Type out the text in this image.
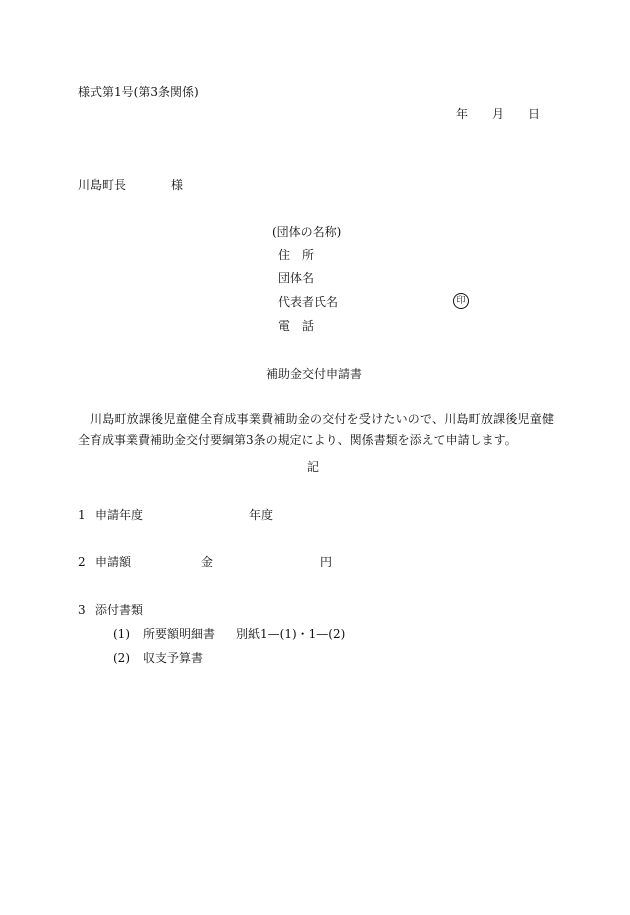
様式第1号(第3条関係)
年 月 日
川島町長	様
(団体の名称)
住　所
団体名
代表者氏名	印
電　話
補助金交付申請書
川島町放課後児童健全育成事業費補助金の交付を受けたいので、川島町放課後児童健全育成事業費補助金交付要綱第3条の規定により、関係書類を添えて申請します。
記
1 申請年度	年度
2 申請額	金	円
3 添付書類
(1) 所要額明細書 別紙1—(1)・1—(2)
(2) 収支予算書
